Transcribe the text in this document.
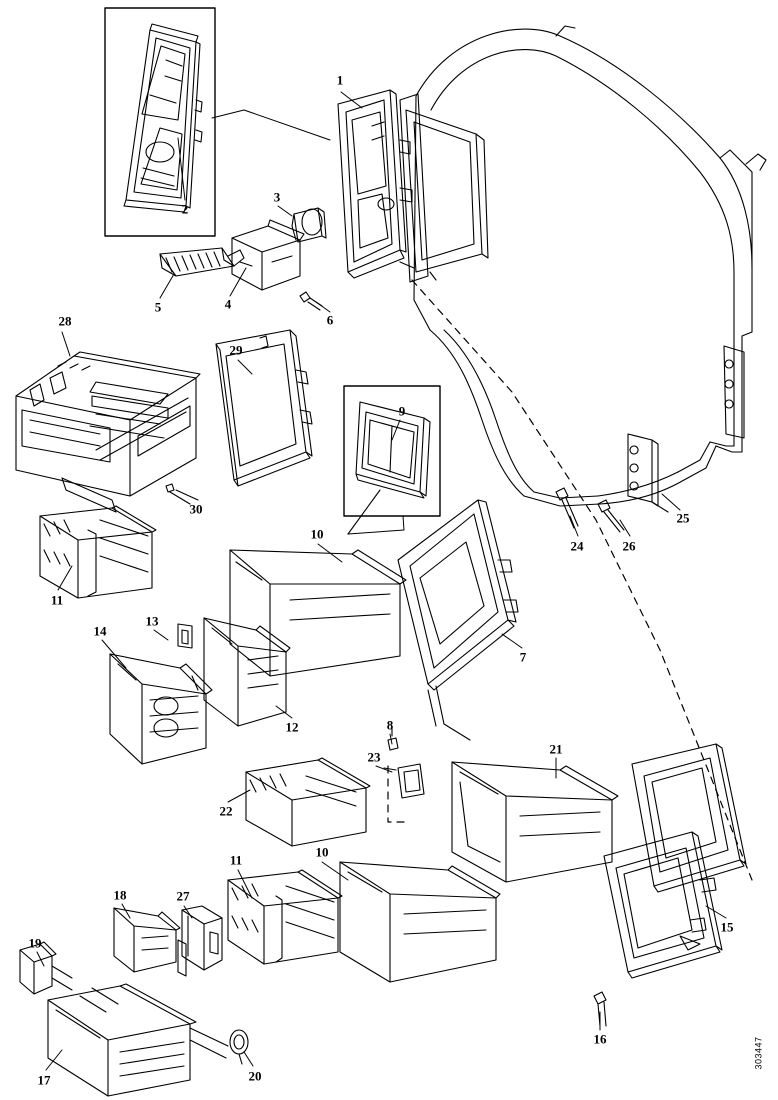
1
2
3
4
5
6
7
8
9
10
10
11
11
12
13
14
15
16
17
18
19
20
21
22
23
24
25
26
27
28
29
30
303447
